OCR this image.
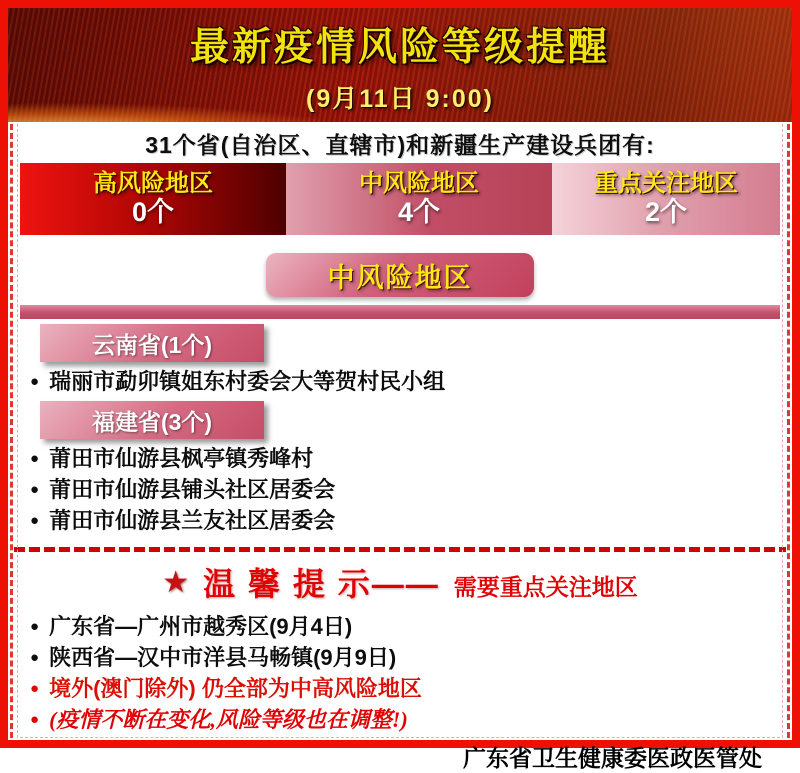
最新疫情风险等级提醒
(9月11日 9:00)
31个省(自治区、直辖市)和新疆生产建设兵团有:
高风险地区
0个
中风险地区
4个
重点关注地区
2个
中风险地区
云南省(1个)
● 瑞丽市勐卯镇姐东村委会大等贺村民小组
福建省(3个)
● 莆田市仙游县枫亭镇秀峰村
● 莆田市仙游县铺头社区居委会
● 莆田市仙游县兰友社区居委会
★ 温 馨 提 示—— 需要重点关注地区
● 广东省—广州市越秀区(9月4日)
● 陕西省—汉中市洋县马畅镇(9月9日)
● 境外(澳门除外) 仍全部为中高风险地区
● (疫情不断在变化,风险等级也在调整!)
广东省卫生健康委医政医管处
